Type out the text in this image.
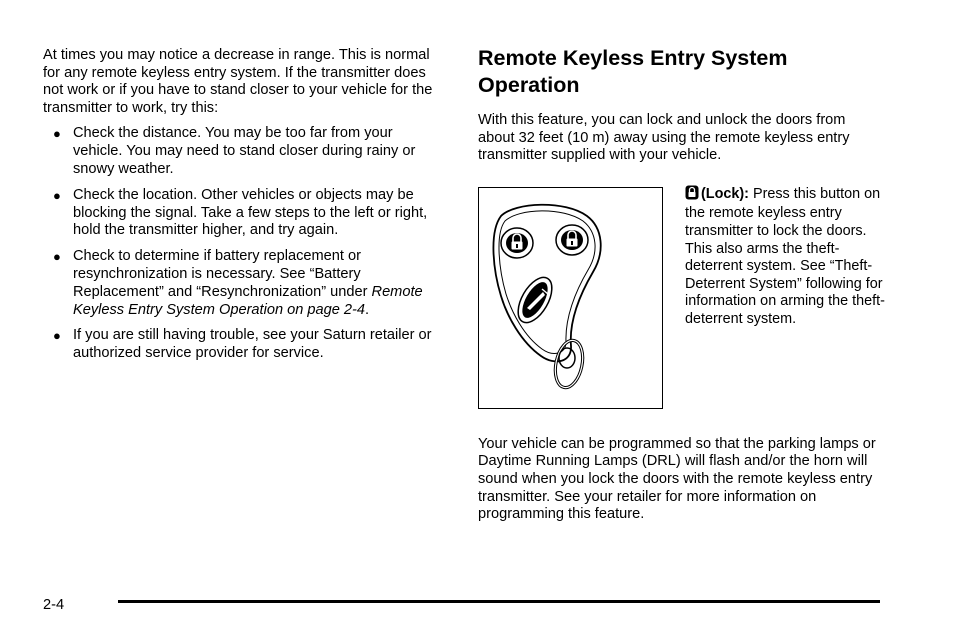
At times you may notice a decrease in range. This is normal for any remote keyless entry system. If the transmitter does not work or if you have to stand closer to your vehicle for the transmitter to work, try this:

● Check the distance. You may be too far from your vehicle. You may need to stand closer during rainy or snowy weather.
● Check the location. Other vehicles or objects may be blocking the signal. Take a few steps to the left or right, hold the transmitter higher, and try again.
● Check to determine if battery replacement or resynchronization is necessary. See “Battery Replacement” and “Resynchronization” under Remote Keyless Entry System Operation on page 2-4.
● If you are still having trouble, see your Saturn retailer or authorized service provider for service.
Remote Keyless Entry System Operation

With this feature, you can lock and unlock the doors from about 32 feet (10 m) away using the remote keyless entry transmitter supplied with your vehicle.

(Lock): Press this button on the remote keyless entry transmitter to lock the doors. This also arms the theft-deterrent system. See “Theft-Deterrent System” following for information on arming the theft-deterrent system.

Your vehicle can be programmed so that the parking lamps or Daytime Running Lamps (DRL) will flash and/or the horn will sound when you lock the doors with the remote keyless entry transmitter. See your retailer for more information on programming this feature.

2-4
